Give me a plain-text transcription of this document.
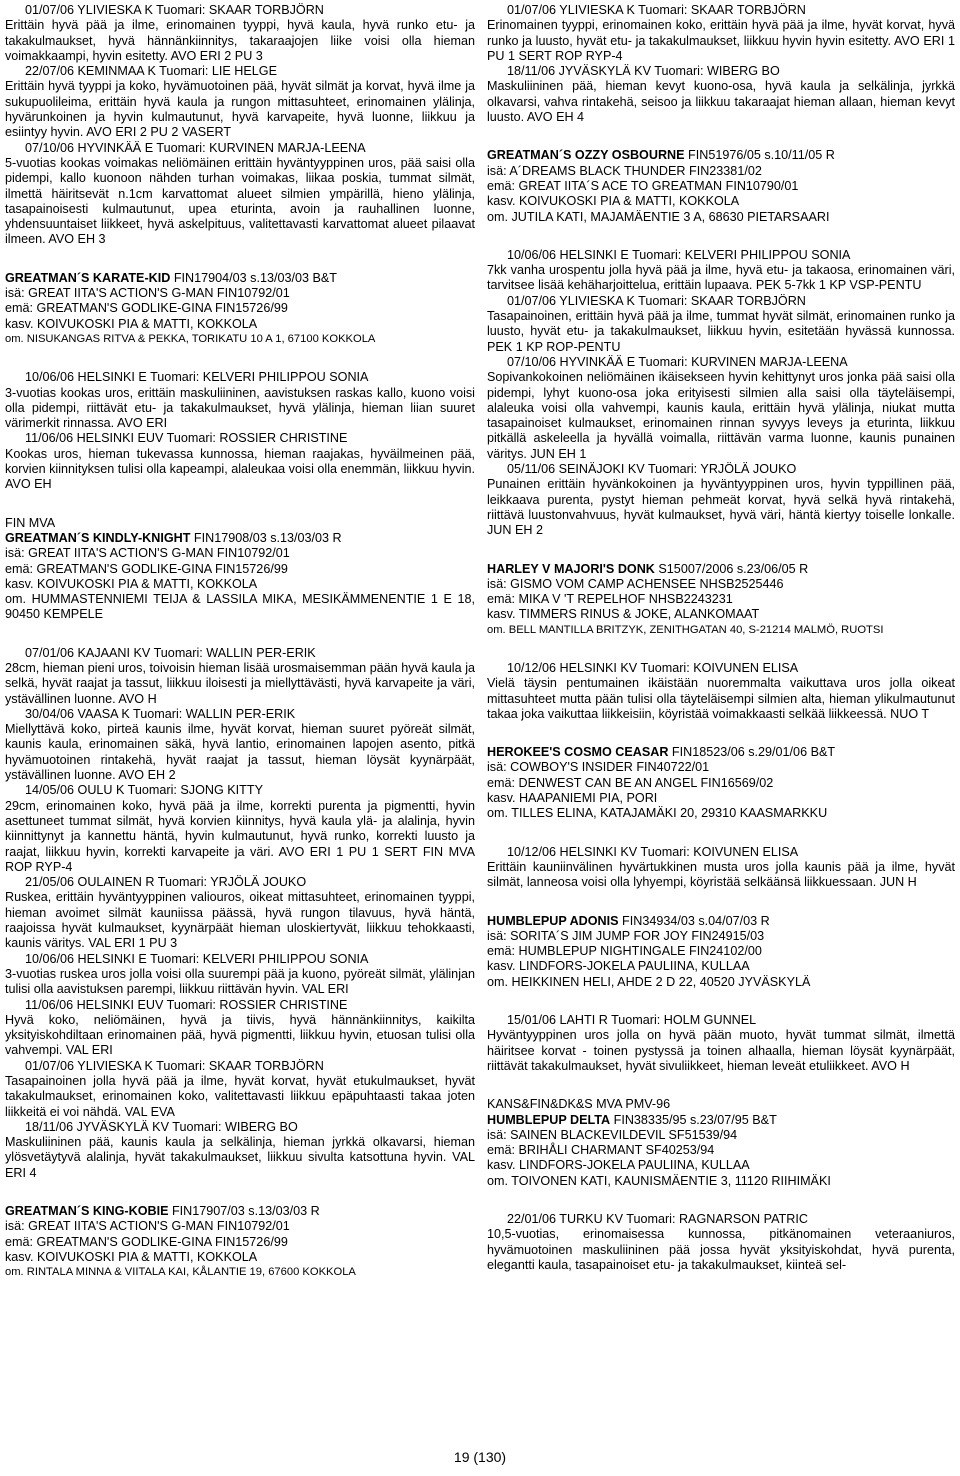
01/07/06 YLIVIESKA K Tuomari: SKAAR TORBJÖRN
Erittäin hyvä pää ja ilme, erinomainen tyyppi, hyvä kaula, hyvä runko etu- ja takakulmaukset, hyvä hännänkiinnitys, takaraajojen liike voisi olla hieman voimakkaampi, hyvin esitetty. AVO ERI 2 PU 3
22/07/06 KEMINMAA K Tuomari: LIE HELGE
Erittäin hyvä tyyppi ja koko, hyvämuotoinen pää, hyvät silmät ja korvat, hyvä ilme ja sukupuolileima, erittäin hyvä kaula ja rungon mittasuhteet, erinomainen ylälinja, hyvärunkoinen ja hyvin kulmautunut, hyvä karvapeite, hyvä luonne, liikkuu ja esiintyy hyvin. AVO ERI 2 PU 2 VASERT
07/10/06 HYVINKÄÄ E Tuomari: KURVINEN MARJA-LEENA
5-vuotias kookas voimakas neliömäinen erittäin hyväntyyppinen uros, pää saisi olla pidempi, kallo kuonoon nähden turhan voimakas, liikaa poskia, tummat silmät, ilmettä häiritsevät n.1cm karvattomat alueet silmien ympärillä, hieno ylälinja, tasapainoisesti kulmautunut, upea eturinta, avoin ja rauhallinen luonne, yhdensuuntaiset liikkeet, hyvä askelpituus, valitettavasti karvattomat alueet pilaavat ilmeen. AVO EH 3
GREATMAN´S KARATE-KID FIN17904/03 s.13/03/03 B&T
isä: GREAT IITA'S ACTION'S G-MAN FIN10792/01
emä: GREATMAN'S GODLIKE-GINA FIN15726/99
kasv. KOIVUKOSKI PIA & MATTI, KOKKOLA
om. NISUKANGAS RITVA & PEKKA, TORIKATU 10 A 1, 67100 KOKKOLA
10/06/06 HELSINKI E Tuomari: KELVERI PHILIPPOU SONIA
3-vuotias kookas uros, erittäin maskuliininen, aavistuksen raskas kallo, kuono voisi olla pidempi, riittävät etu- ja takakulmaukset, hyvä ylälinja, hieman liian suuret värimerkit rinnassa. AVO ERI
11/06/06 HELSINKI EUV Tuomari: ROSSIER CHRISTINE
Kookas uros, hieman tukevassa kunnossa, hieman raajakas, hyväilmeinen pää, korvien kiinnityksen tulisi olla kapeampi, alaleukaa voisi olla enemmän, liikkuu hyvin. AVO EH
FIN MVA
GREATMAN´S KINDLY-KNIGHT FIN17908/03 s.13/03/03 R
isä: GREAT IITA'S ACTION'S G-MAN FIN10792/01
emä: GREATMAN'S GODLIKE-GINA FIN15726/99
kasv. KOIVUKOSKI PIA & MATTI, KOKKOLA
om. HUMMASTENNIEMI TEIJA & LASSILA MIKA, MESIKÄMMENENTIE 1 E 18, 90450 KEMPELE
07/01/06 KAJAANI KV Tuomari: WALLIN PER-ERIK
28cm, hieman pieni uros, toivoisin hieman lisää urosmaisemman pään hyvä kaula ja selkä, hyvät raajat ja tassut, liikkuu iloisesti ja miellyttävästi, hyvä karvapeite ja väri, ystävällinen luonne. AVO H
30/04/06 VAASA K Tuomari: WALLIN PER-ERIK
Miellyttävä koko, pirteä kaunis ilme, hyvät korvat, hieman suuret pyöreät silmät, kaunis kaula, erinomainen säkä, hyvä lantio, erinomainen lapojen asento, pitkä hyvämuotoinen rintakehä, hyvät raajat ja tassut, hieman löysät kyynärpäät, ystävällinen luonne. AVO EH 2
14/05/06 OULU K Tuomari: SJONG KITTY
29cm, erinomainen koko, hyvä pää ja ilme, korrekti purenta ja pigmentti, hyvin asettuneet tummat silmät, hyvä korvien kiinnitys, hyvä kaula ylä- ja alalinja, hyvin kiinnittynyt ja kannettu häntä, hyvin kulmautunut, hyvä runko, korrekti luusto ja raajat, liikkuu hyvin, korrekti karvapeite ja väri. AVO ERI 1 PU 1 SERT FIN MVA ROP RYP-4
21/05/06 OULAINEN R Tuomari: YRJÖLÄ JOUKO
Ruskea, erittäin hyväntyyppinen valiouros, oikeat mittasuhteet, erinomainen tyyppi, hieman avoimet silmät kauniissa päässä, hyvä rungon tilavuus, hyvä häntä, raajoissa hyvät kulmaukset, kyynärpäät hieman uloskiertyvät, liikkuu tehokkaasti, kaunis väritys. VAL ERI 1 PU 3
10/06/06 HELSINKI E Tuomari: KELVERI PHILIPPOU SONIA
3-vuotias ruskea uros jolla voisi olla suurempi pää ja kuono, pyöreät silmät, ylälinjan tulisi olla aavistuksen parempi, liikkuu riittävän hyvin. VAL ERI
11/06/06 HELSINKI EUV Tuomari: ROSSIER CHRISTINE
Hyvä koko, neliömäinen, hyvä ja tiivis, hyvä hännänkiinnitys, kaikilta yksityiskohdiltaan erinomainen pää, hyvä pigmentti, liikkuu hyvin, etuosan tulisi olla vahvempi. VAL ERI
01/07/06 YLIVIESKA K Tuomari: SKAAR TORBJÖRN
Tasapainoinen jolla hyvä pää ja ilme, hyvät korvat, hyvät etukulmaukset, hyvät takakulmaukset, erinomainen koko, valitettavasti liikkuu epäpuhtaasti takaa joten liikkeitä ei voi nähdä. VAL EVA
18/11/06 JYVÄSKYLÄ KV Tuomari: WIBERG BO
Maskuliininen pää, kaunis kaula ja selkälinja, hieman jyrkkä olkavarsi, hieman ylösvetäytyvä alalinja, hyvät takakulmaukset, liikkuu sivulta katsottuna hyvin. VAL ERI 4
GREATMAN´S KING-KOBIE FIN17907/03 s.13/03/03 R
isä: GREAT IITA'S ACTION'S G-MAN FIN10792/01
emä: GREATMAN'S GODLIKE-GINA FIN15726/99
kasv. KOIVUKOSKI PIA & MATTI, KOKKOLA
om. RINTALA MINNA & VIITALA KAI, KÅLANTIE 19, 67600 KOKKOLA
01/07/06 YLIVIESKA K Tuomari: SKAAR TORBJÖRN
Erinomainen tyyppi, erinomainen koko, erittäin hyvä pää ja ilme, hyvät korvat, hyvä runko ja luusto, hyvät etu- ja takakulmaukset, liikkuu hyvin hyvin esitetty. AVO ERI 1 PU 1 SERT ROP RYP-4
18/11/06 JYVÄSKYLÄ KV Tuomari: WIBERG BO
Maskuliininen pää, hieman kevyt kuono-osa, hyvä kaula ja selkälinja, jyrkkä olkavarsi, vahva rintakehä, seisoo ja liikkuu takaraajat hieman allaan, hieman kevyt luusto. AVO EH 4
GREATMAN´S OZZY OSBOURNE FIN51976/05 s.10/11/05 R
isä: A´DREAMS BLACK THUNDER FIN23381/02
emä: GREAT IITA´S ACE TO GREATMAN FIN10790/01
kasv. KOIVUKOSKI PIA & MATTI, KOKKOLA
om. JUTILA KATI, MAJAMÄENTIE 3 A, 68630 PIETARSAARI
10/06/06 HELSINKI E Tuomari: KELVERI PHILIPPOU SONIA
7kk vanha urospentu jolla hyvä pää ja ilme, hyvä etu- ja takaosa, erinomainen väri, tarvitsee lisää kehäharjoittelua, erittäin lupaava. PEK 5-7kk 1 KP VSP-PENTU
01/07/06 YLIVIESKA K Tuomari: SKAAR TORBJÖRN
Tasapainoinen, erittäin hyvä pää ja ilme, tummat hyvät silmät, erinomainen runko ja luusto, hyvät etu- ja takakulmaukset, liikkuu hyvin, esitetään hyvässä kunnossa. PEK 1 KP ROP-PENTU
07/10/06 HYVINKÄÄ E Tuomari: KURVINEN MARJA-LEENA
Sopivankokoinen neliömäinen ikäisekseen hyvin kehittynyt uros jonka pää saisi olla pidempi, lyhyt kuono-osa joka erityisesti silmien alla saisi olla täyteläisempi, alaleuka voisi olla vahvempi, kaunis kaula, erittäin hyvä ylälinja, niukat mutta tasapainoiset kulmaukset, erinomainen rinnan syvyys leveys ja eturinta, liikkuu pitkällä askeleella ja hyvällä voimalla, riittävän varma luonne, kaunis punainen väritys. JUN EH 1
05/11/06 SEINÄJOKI KV Tuomari: YRJÖLÄ JOUKO
Punainen erittäin hyvänkokoinen ja hyväntyyppinen uros, hyvin typpillinen pää, leikkaava purenta, pystyt hieman pehmeät korvat, hyvä selkä hyvä rintakehä, riittävä luustonvahvuus, hyvät kulmaukset, hyvä väri, häntä kiertyy toiselle lonkalle. JUN EH 2
HARLEY V MAJORI'S DONK S15007/2006 s.23/06/05 R
isä: GISMO VOM CAMP ACHENSEE NHSB2525446
emä: MIKA V 'T REPELHOF NHSB2243231
kasv. TIMMERS RINUS & JOKE, ALANKOMAAT
om. BELL MANTILLA BRITZYK, ZENITHGATAN 40, S-21214 MALMÖ, RUOTSI
10/12/06 HELSINKI KV Tuomari: KOIVUNEN ELISA
Vielä täysin pentumainen ikäistään nuoremmalta vaikuttava uros jolla oikeat mittasuhteet mutta pään tulisi olla täyteläisempi silmien alta, hieman ylikulmautunut takaa joka vaikuttaa liikkeisiin, köyristää voimakkaasti selkää liikkeessä. NUO T
HEROKEE'S COSMO CEASAR FIN18523/06 s.29/01/06 B&T
isä: COWBOY'S INSIDER FIN40722/01
emä: DENWEST CAN BE AN ANGEL FIN16569/02
kasv. HAAPANIEMI PIA, PORI
om. TILLES ELINA, KATAJAMÄKI 20, 29310 KAASMARKKU
10/12/06 HELSINKI KV Tuomari: KOIVUNEN ELISA
Erittäin kauniinvälinen hyvärtukkinen musta uros jolla kaunis pää ja ilme, hyvät silmät, lanneosa voisi olla lyhyempi, köyristää selkäänsä liikkuessaan. JUN H
HUMBLEPUP ADONIS FIN34934/03 s.04/07/03 R
isä: SORITA´S JIM JUMP FOR JOY FIN24915/03
emä: HUMBLEPUP NIGHTINGALE FIN24102/00
kasv. LINDFORS-JOKELA PAULIINA, KULLAA
om. HEIKKINEN HELI, AHDE 2 D 22, 40520 JYVÄSKYLÄ
15/01/06 LAHTI R Tuomari: HOLM GUNNEL
Hyväntyyppinen uros jolla on hyvä pään muoto, hyvät tummat silmät, ilmettä häiritsee korvat - toinen pystyssä ja toinen alhaalla, hieman löysät kyynärpäät, riittävät takakulmaukset, hyvät sivuliikkeet, hieman leveät etuliikkeet. AVO H
KANS&FIN&DK&S MVA PMV-96
HUMBLEPUP DELTA FIN38335/95 s.23/07/95 B&T
isä: SAINEN BLACKEVILDEVIL SF51539/94
emä: BRIHÅLI CHARMANT SF40253/94
kasv. LINDFORS-JOKELA PAULIINA, KULLAA
om. TOIVONEN KATI, KAUNISMÄENTIE 3, 11120 RIIHIMÄKI
22/01/06 TURKU KV Tuomari: RAGNARSON PATRIC
10,5-vuotias, erinomaisessa kunnossa, pitkänomainen veteraaniuros, hyvämuotoinen maskuliininen pää jossa hyvät yksityiskohdat, hyvä purenta, elegantti kaula, tasapainoiset etu- ja takakulmaukset, kiinteä sel-
19 (130)
